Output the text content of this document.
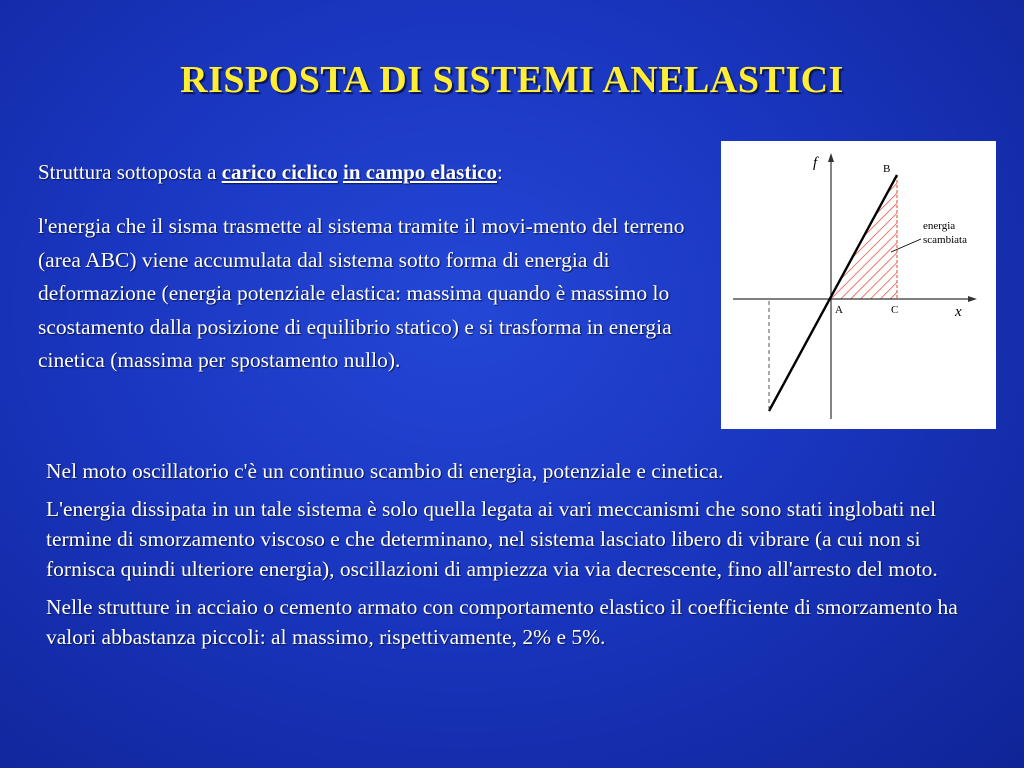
RISPOSTA DI SISTEMI ANELASTICI
Struttura sottoposta a carico ciclico in campo elastico:
l'energia che il sisma trasmette al sistema tramite il movi-mento del terreno (area ABC) viene accumulata dal sistema sotto forma di energia di deformazione (energia potenziale elastica: massima quando è massimo lo scostamento dalla posizione di equilibrio statico) e si trasforma in energia cinetica (massima per spostamento nullo).
f
x
B
A	C
energia
scambiata

Nel moto oscillatorio c'è un continuo scambio di energia, potenziale e cinetica.

L'energia dissipata in un tale sistema è solo quella legata ai vari meccanismi che sono stati inglobati nel termine di smorzamento viscoso e che determinano, nel sistema lasciato libero di vibrare (a cui non si fornisca quindi ulteriore energia), oscillazioni di ampiezza via via decrescente, fino all'arresto del moto.

Nelle strutture in acciaio o cemento armato con comportamento elastico il coefficiente di smorzamento ha valori abbastanza piccoli: al massimo, rispettivamente, 2% e 5%.
